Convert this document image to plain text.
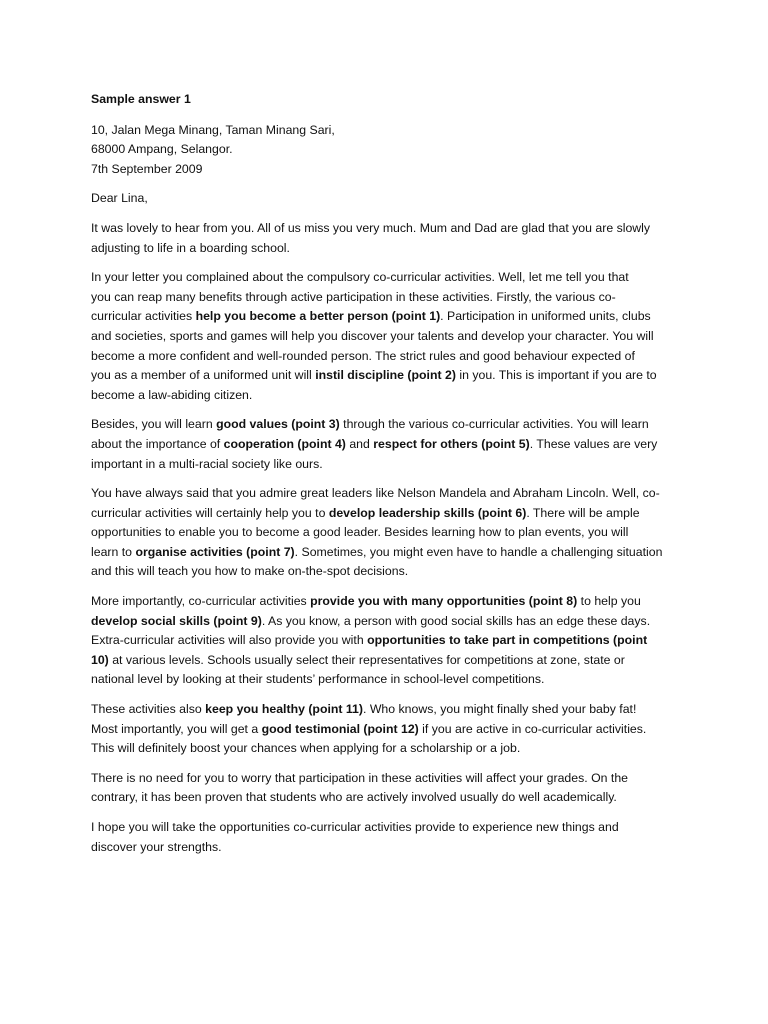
Sample answer 1

10, Jalan Mega Minang, Taman Minang Sari,

68000 Ampang, Selangor.

7th September 2009

Dear Lina,

It was lovely to hear from you. All of us miss you very much. Mum and Dad are glad that you are slowly

adjusting to life in a boarding school.

In your letter you complained about the compulsory co-curricular activities. Well, let me tell you that

you can reap many benefits through active participation in these activities. Firstly, the various co-

curricular activities help you become a better person (point 1). Participation in uniformed units, clubs

and societies, sports and games will help you discover your talents and develop your character. You will

become a more confident and well-rounded person. The strict rules and good behaviour expected of

you as a member of a uniformed unit will instil discipline (point 2) in you. This is important if you are to

become a law-abiding citizen.

Besides, you will learn good values (point 3) through the various co-curricular activities. You will learn

about the importance of cooperation (point 4) and respect for others (point 5). These values are very

important in a multi-racial society like ours.

You have always said that you admire great leaders like Nelson Mandela and Abraham Lincoln. Well, co-

curricular activities will certainly help you to develop leadership skills (point 6). There will be ample

opportunities to enable you to become a good leader. Besides learning how to plan events, you will

learn to organise activities (point 7). Sometimes, you might even have to handle a challenging situation

and this will teach you how to make on-the-spot decisions.

More importantly, co-curricular activities provide you with many opportunities (point 8) to help you

develop social skills (point 9). As you know, a person with good social skills has an edge these days.

Extra-curricular activities will also provide you with opportunities to take part in competitions (point

10) at various levels. Schools usually select their representatives for competitions at zone, state or

national level by looking at their students’ performance in school-level competitions.

These activities also keep you healthy (point 11). Who knows, you might finally shed your baby fat!

Most importantly, you will get a good testimonial (point 12) if you are active in co-curricular activities.

This will definitely boost your chances when applying for a scholarship or a job.

There is no need for you to worry that participation in these activities will affect your grades. On the

contrary, it has been proven that students who are actively involved usually do well academically.

I hope you will take the opportunities co-curricular activities provide to experience new things and

discover your strengths.
